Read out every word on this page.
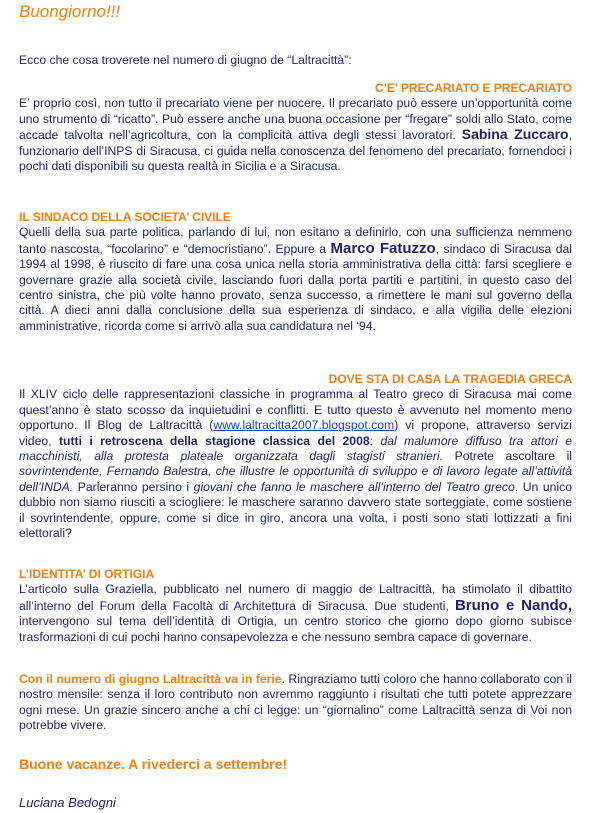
Buongiorno!!!
Ecco che cosa troverete nel numero di giugno de “Laltracittà”:
C’E’ PRECARIATO E PRECARIATO
E’ proprio così, non tutto il precariato viene per nuocere. Il precariato può essere un’opportunità come uno strumento di “ricatto”. Può essere anche una buona occasione per “fregare” soldi allo Stato, come accade talvolta nell’agricoltura, con la complicità attiva degli stessi lavoratori. Sabina Zuccaro, funzionario dell’INPS di Siracusa, ci guida nella conoscenza del fenomeno del precariato, fornendoci i pochi dati disponibili su questa realtà in Sicilia e a Siracusa.
IL SINDACO DELLA SOCIETA’ CIVILE
Quelli della sua parte politica, parlando di lui, non esitano a definirlo, con una sufficienza nemmeno tanto nascosta, “focolarino” e “democristiano”. Eppure a Marco Fatuzzo, sindaco di Siracusa dal 1994 al 1998, è riuscito di fare una cosa unica nella storia amministrativa della città: farsi scegliere e governare grazie alla società civile, lasciando fuori dalla porta partiti e partitini, in questo caso del centro sinistra, che più volte hanno provato, senza successo, a rimettere le mani sul governo della città. A dieci anni dalla conclusione della sua esperienza di sindaco, e alla vigilia delle elezioni amministrative, ricorda come si arrivò alla sua candidatura nel ‘94.
DOVE STA DI CASA LA TRAGEDIA GRECA
Il XLIV ciclo delle rappresentazioni classiche in programma al Teatro greco di Siracusa mai come quest’anno è stato scosso da inquietudini e conflitti. E tutto questo è avvenuto nel momento meno opportuno. Il Blog de Laltracittà (www.laltracitta2007.blogspot.com) vi propone, attraverso servizi video, tutti i retroscena della stagione classica del 2008: dal malumore diffuso tra attori e macchinisti, alla protesta plateale organizzata dagli stagisti stranieri. Potrete ascoltare il sovrintendente, Fernando Balestra, che illustre le opportunità di sviluppo e di lavoro legate all’attività dell’INDA. Parleranno persino i giovani che fanno le maschere all’interno del Teatro greco. Un unico dubbio non siamo riusciti a sciogliere: le maschere saranno davvero state sorteggiate, come sostiene il sovrintendente, oppure, come si dice in giro, ancora una volta, i posti sono stati lottizzati a fini elettorali?
L’IDENTITA’ DI ORTIGIA
L’articolo sulla Graziella, pubblicato nel numero di maggio de Laltracittà, ha stimolato il dibattito all’interno del Forum della Facoltà di Architettura di Siracusa. Due studenti, Bruno e Nando, intervengono sul tema dell’identità di Ortigia, un centro storico che giorno dopo giorno subisce trasformazioni di cui pochi hanno consapevolezza e che nessuno sembra capace di governare.
Con il numero di giugno Laltracittà va in ferie. Ringraziamo tutti coloro che hanno collaborato con il nostro mensile: senza il loro contributo non avremmo raggiunto i risultati che tutti potete apprezzare ogni mese. Un grazie sincero anche a chi ci legge: un “giornalino” come Laltracittà senza di Voi non potrebbe vivere.
Buone vacanze. A rivederci a settembre!
Luciana Bedogni
